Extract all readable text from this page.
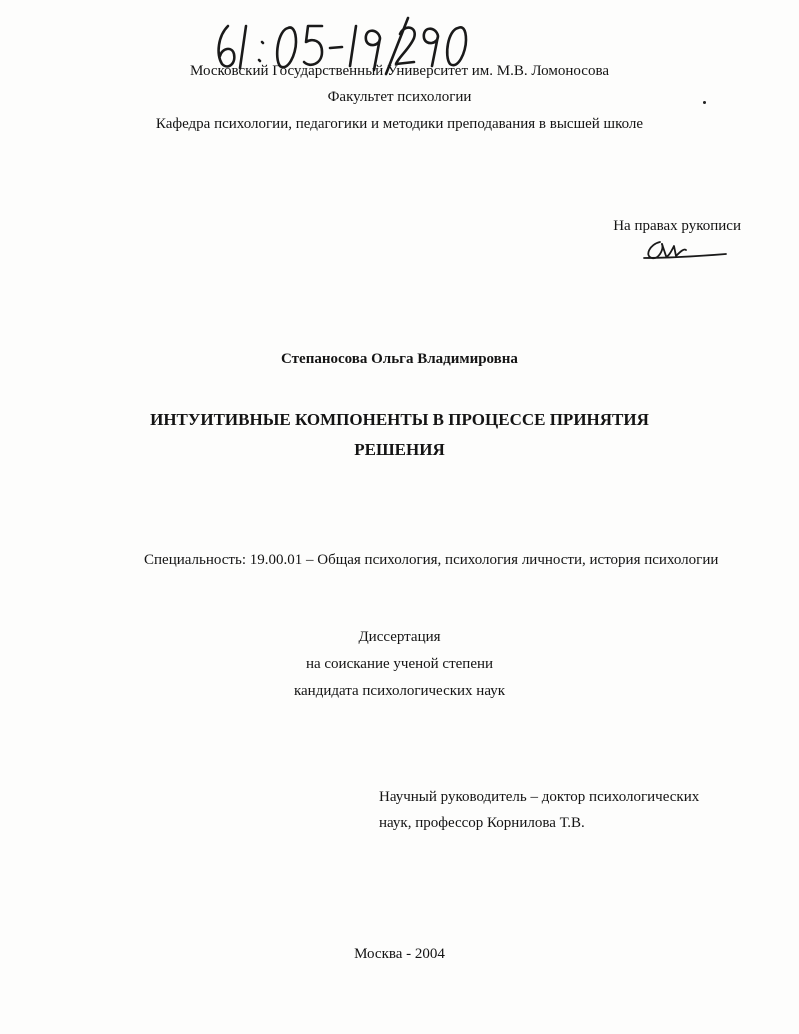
Московский Государственный Университет им. М.В. Ломоносова
Факультет психологии
Кафедра психологии, педагогики и методики преподавания в высшей школе
На правах рукописи
Степаносова Ольга Владимировна
ИНТУИТИВНЫЕ КОМПОНЕНТЫ В ПРОЦЕССЕ ПРИНЯТИЯ
РЕШЕНИЯ
Специальность: 19.00.01 – Общая психология, психология личности, история психологии
Диссертация
на соискание ученой степени
кандидата психологических наук
Научный руководитель – доктор психологических
наук, профессор Корнилова Т.В.
Москва - 2004
